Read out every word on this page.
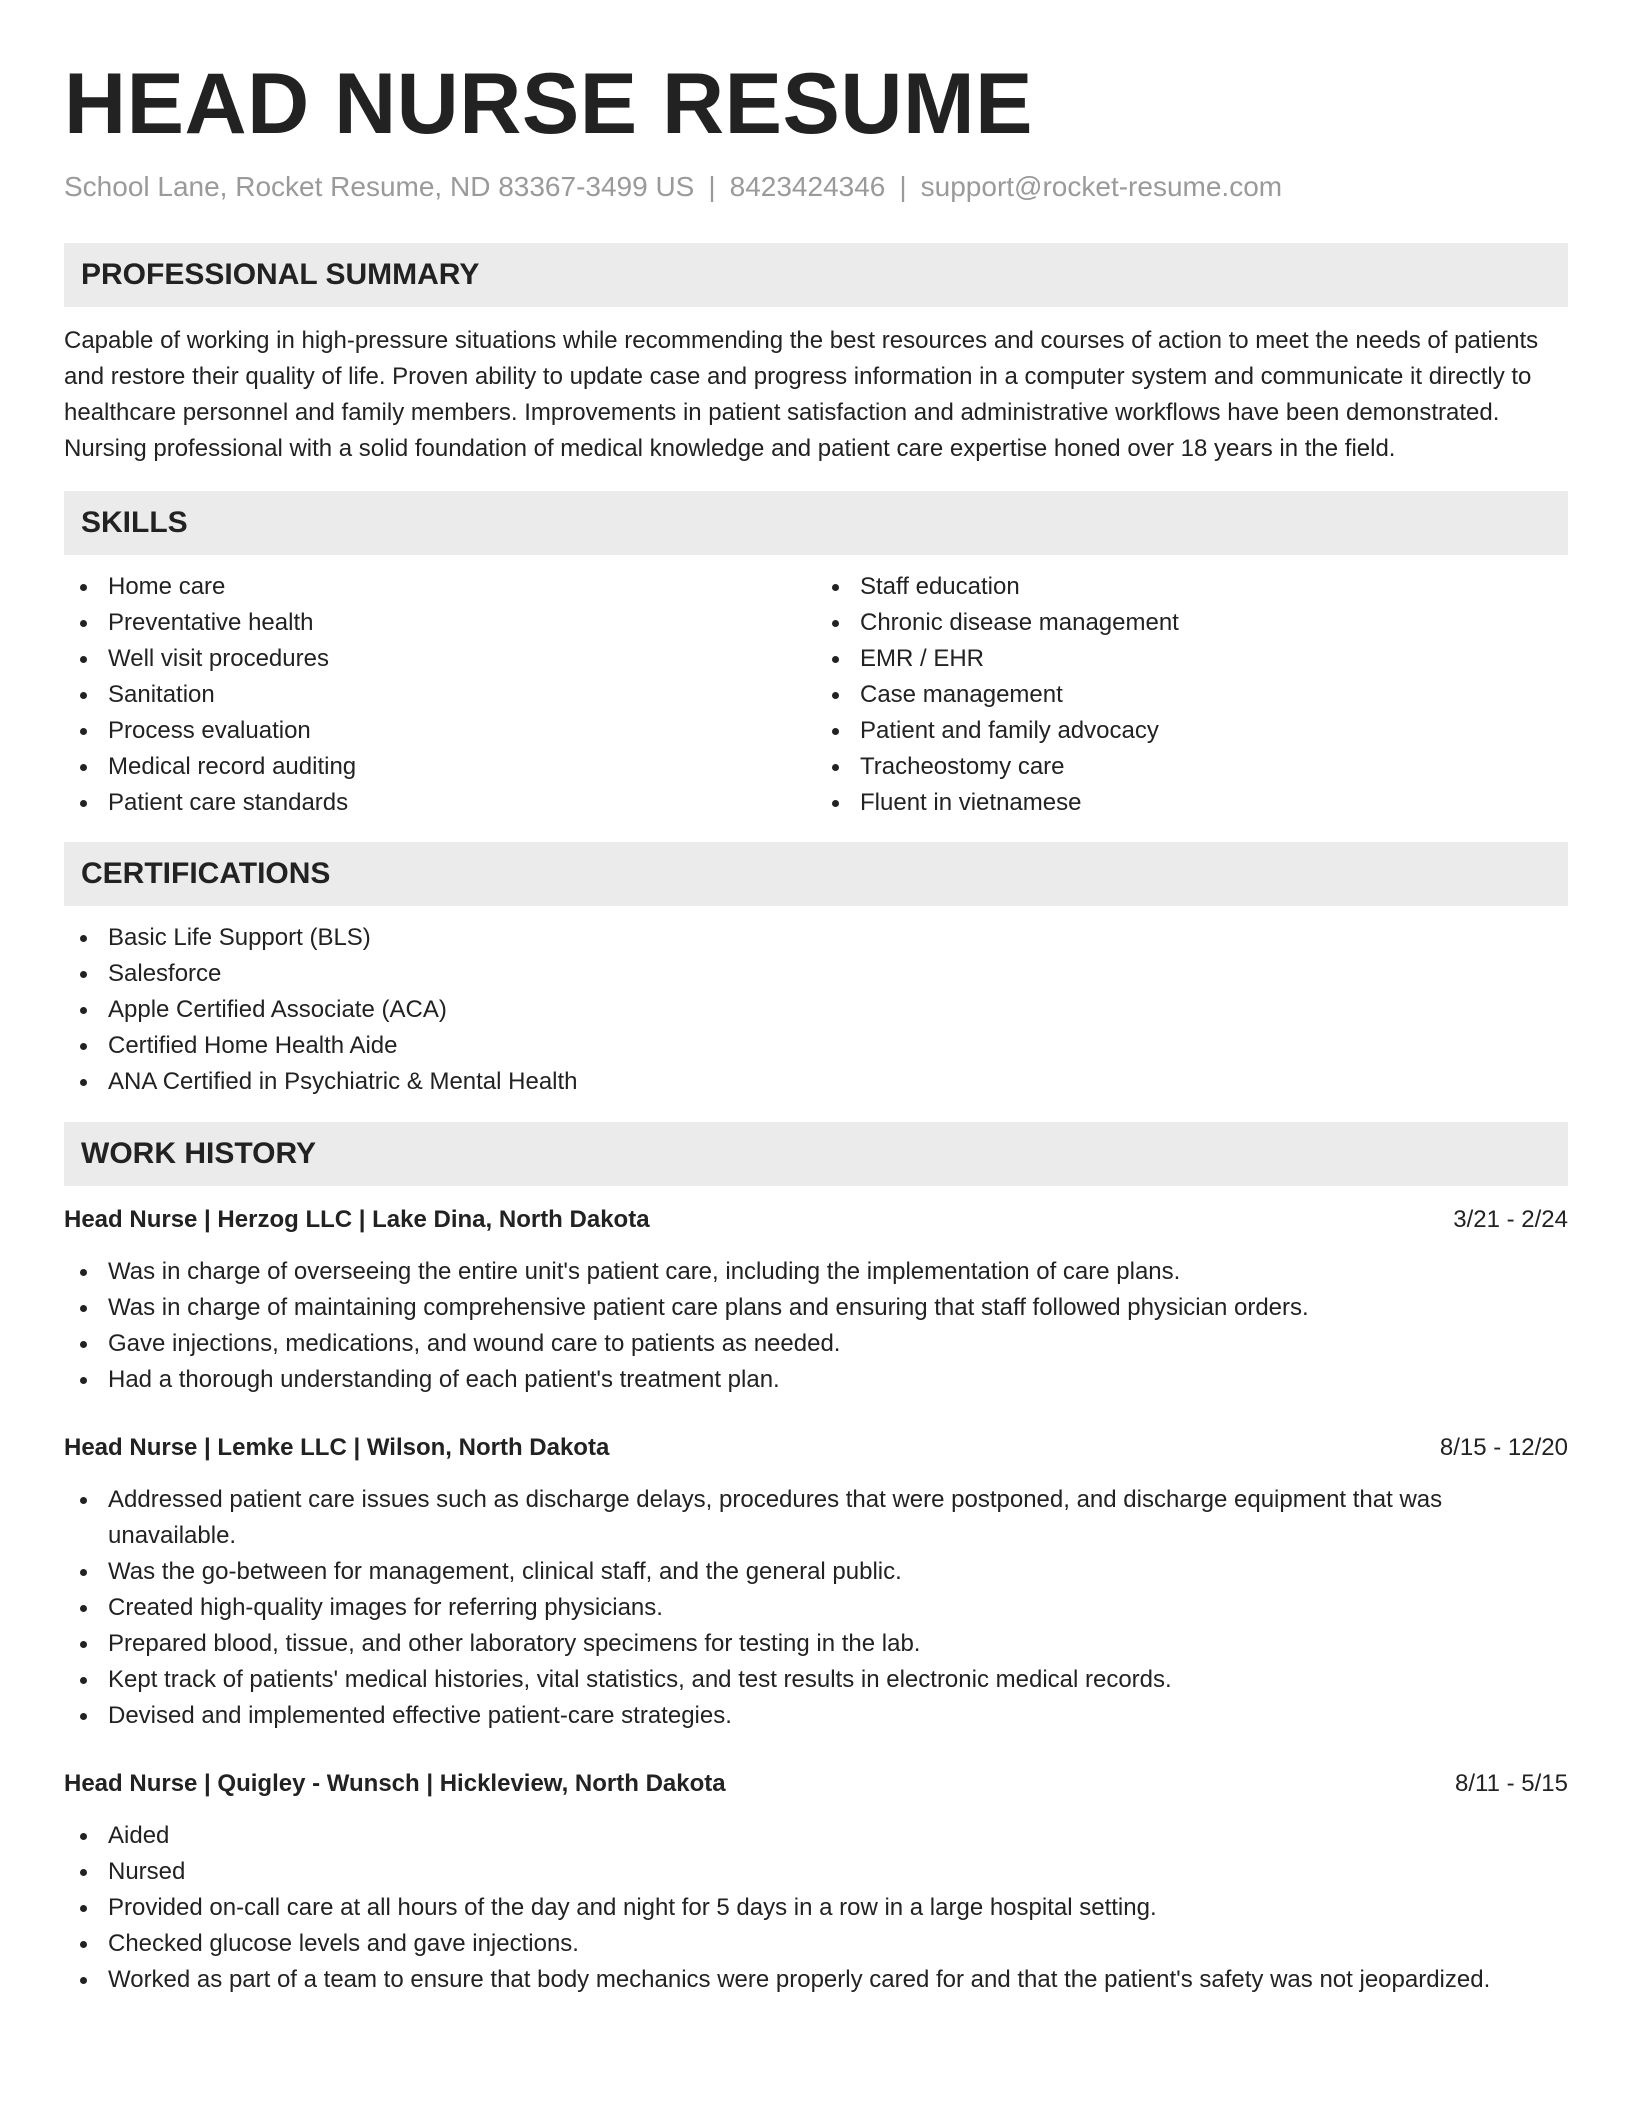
HEAD NURSE RESUME
School Lane, Rocket Resume, ND 83367-3499 US | 8423424346 | support@rocket-resume.com
PROFESSIONAL SUMMARY

Capable of working in high-pressure situations while recommending the best resources and courses of action to meet the needs of patients and restore their quality of life. Proven ability to update case and progress information in a computer system and communicate it directly to healthcare personnel and family members. Improvements in patient satisfaction and administrative workflows have been demonstrated. Nursing professional with a solid foundation of medical knowledge and patient care expertise honed over 18 years in the field.

SKILLS
Home care
Preventative health
Well visit procedures
Sanitation
Process evaluation
Medical record auditing
Patient care standards
Staff education
Chronic disease management
EMR / EHR
Case management
Patient and family advocacy
Tracheostomy care
Fluent in vietnamese
CERTIFICATIONS
Basic Life Support (BLS)
Salesforce
Apple Certified Associate (ACA)
Certified Home Health Aide
ANA Certified in Psychiatric & Mental Health
WORK HISTORY
Head Nurse | Herzog LLC | Lake Dina, North Dakota	3/21 - 2/24
Was in charge of overseeing the entire unit's patient care, including the implementation of care plans.
Was in charge of maintaining comprehensive patient care plans and ensuring that staff followed physician orders.
Gave injections, medications, and wound care to patients as needed.
Had a thorough understanding of each patient's treatment plan.
Head Nurse | Lemke LLC | Wilson, North Dakota	8/15 - 12/20
Addressed patient care issues such as discharge delays, procedures that were postponed, and discharge equipment that was unavailable.
Was the go-between for management, clinical staff, and the general public.
Created high-quality images for referring physicians.
Prepared blood, tissue, and other laboratory specimens for testing in the lab.
Kept track of patients' medical histories, vital statistics, and test results in electronic medical records.
Devised and implemented effective patient-care strategies.
Head Nurse | Quigley - Wunsch | Hickleview, North Dakota	8/11 - 5/15
Aided
Nursed
Provided on-call care at all hours of the day and night for 5 days in a row in a large hospital setting.
Checked glucose levels and gave injections.
Worked as part of a team to ensure that body mechanics were properly cared for and that the patient's safety was not jeopardized.
